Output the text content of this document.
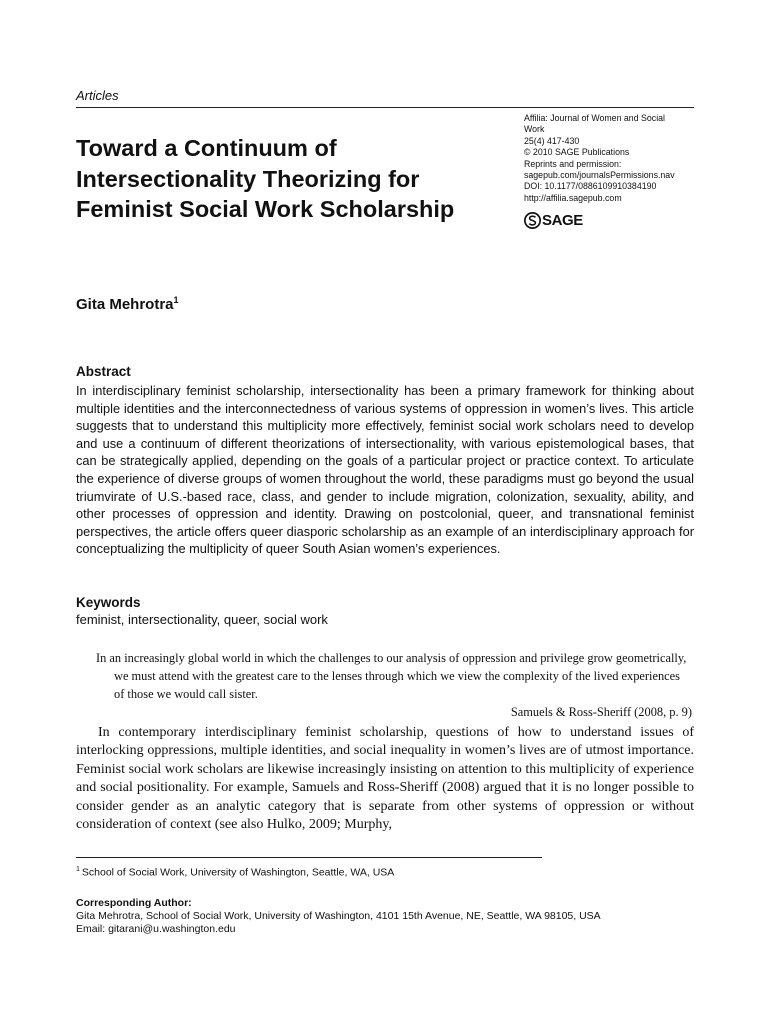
Articles
Toward a Continuum of Intersectionality Theorizing for Feminist Social Work Scholarship
Affilia: Journal of Women and Social
Work
25(4) 417-430
© 2010 SAGE Publications
Reprints and permission:
sagepub.com/journalsPermissions.nav
DOI: 10.1177/0886109910384190
http://affilia.sagepub.com
SAGE
Gita Mehrotra$^1$
Abstract

In interdisciplinary feminist scholarship, intersectionality has been a primary framework for thinking about multiple identities and the interconnectedness of various systems of oppression in women’s lives. This article suggests that to understand this multiplicity more effectively, feminist social work scholars need to develop and use a continuum of different theorizations of intersectionality, with various epistemological bases, that can be strategically applied, depending on the goals of a particular project or practice context. To articulate the experience of diverse groups of women throughout the world, these paradigms must go beyond the usual triumvirate of U.S.-based race, class, and gender to include migration, colonization, sexuality, ability, and other processes of oppression and identity. Drawing on postcolonial, queer, and transnational feminist perspectives, the article offers queer diasporic scholarship as an example of an interdisciplinary approach for conceptualizing the multiplicity of queer South Asian women’s experiences.

Keywords
feminist, intersectionality, queer, social work

In an increasingly global world in which the challenges to our analysis of oppression and privilege grow geometrically, we must attend with the greatest care to the lenses through which we view the complexity of the lived experiences of those we would call sister.

Samuels & Ross-Sheriff (2008, p. 9)

In contemporary interdisciplinary feminist scholarship, questions of how to understand issues of interlocking oppressions, multiple identities, and social inequality in women’s lives are of utmost importance. Feminist social work scholars are likewise increasingly insisting on attention to this multiplicity of experience and social positionality. For example, Samuels and Ross-Sheriff (2008) argued that it is no longer possible to consider gender as an analytic category that is separate from other systems of oppression or without consideration of context (see also Hulko, 2009; Murphy,

$^1$ School of Social Work, University of Washington, Seattle, WA, USA
Corresponding Author:
Gita Mehrotra, School of Social Work, University of Washington, 4101 15th Avenue, NE, Seattle, WA 98105, USA
Email: gitarani@u.washington.edu
